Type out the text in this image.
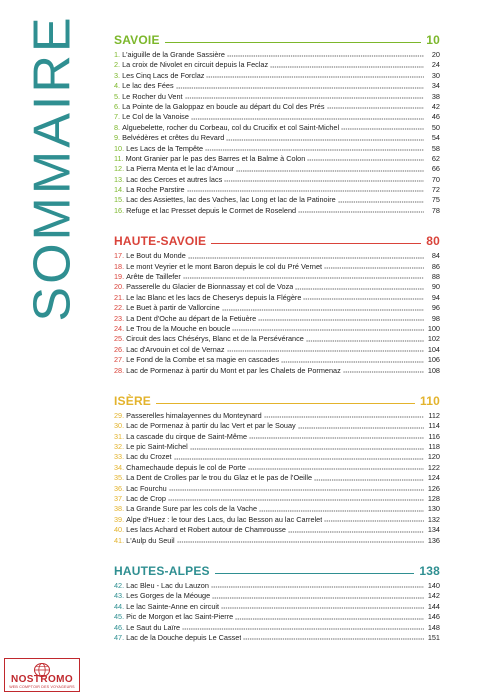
SOMMAIRE	SAVOIE	10
1. L'aiguille de la Grande Sassière	20
2. La croix de Nivolet en circuit depuis la Feclaz	24
3. Les Cinq Lacs de Forclaz	30
4. Le lac des Fées	34
5. Le Rocher du Vent	38
6. La Pointe de la Galoppaz en boucle au départ du Col des Prés	42
7. Le Col de la Vanoise	46
8. Alguebelette, rocher du Corbeau, col du Crucifix et col Saint-Michel	50
9. Belvédères et crêtes du Revard	54
10. Les Lacs de la Tempête	58
11. Mont Granier par le pas des Barres et la Balme à Colon	62
12. La Pierra Menta et le lac d'Amour	66
13. Lac des Cerces et autres lacs	70
14. La Roche Parstire	72
15. Lac des Assiettes, lac des Vaches, lac Long et lac de la Patinoire	75
16. Refuge et lac Presset depuis le Cormet de Roselend	78
HAUTE-SAVOIE	80
17. Le Bout du Monde	84
18. Le mont Veyrier et le mont Baron depuis le col du Pré Vernet	86
19. Arête de Taillefer	88
20. Passerelle du Glacier de Bionnassay et col de Voza	90
21. Le lac Blanc et les lacs de Cheserys depuis la Flégère	94
22. Le Buet à partir de Vallorcine	96
23. La Dent d'Oche au départ de la Fetiuère	98
24. Le Trou de la Mouche en boucle	100
25. Circuit des lacs Chésérys, Blanc et de la Persévérance	102
26. Lac d'Arvouin et col de Vernaz	104
27. Le Fond de la Combe et sa magie en cascades	106
28. Lac de Pormenaz à partir du Mont et par les Chalets de Pormenaz	108
ISÈRE	110
29. Passerelles himalayennes du Monteynard	112
30. Lac de Pormenaz à partir du lac Vert et par le Souay	114
31. La cascade du cirque de Saint-Même	116
32. Le pic Saint-Michel	118
33. Lac du Crozet	120
34. Chamechaude depuis le col de Porte	122
35. La Dent de Crolles par le trou du Glaz et le pas de l'Oeille	124
36. Lac Fourchu	126
37. Lac de Crop	128
38. La Grande Sure par les cols de la Vache	130
39. Alpe d'Huez : le tour des Lacs, du lac Besson au lac Carrelet	132
40. Les lacs Achard et Robert autour de Chamrousse	134
41. L'Aulp du Seuil	136
HAUTES-ALPES	138
42. Lac Bleu - Lac du Lauzon	140
43. Les Gorges de la Méouge	142
44. Le lac Sainte-Anne en circuit	144
45. Pic de Morgon et lac Saint-Pierre	146
46. Le Saut du Laïre	148
47. Lac de la Douche depuis Le Casset	151
NOSTROMO
WEB COMPTOIR DES VOYAGEURS
